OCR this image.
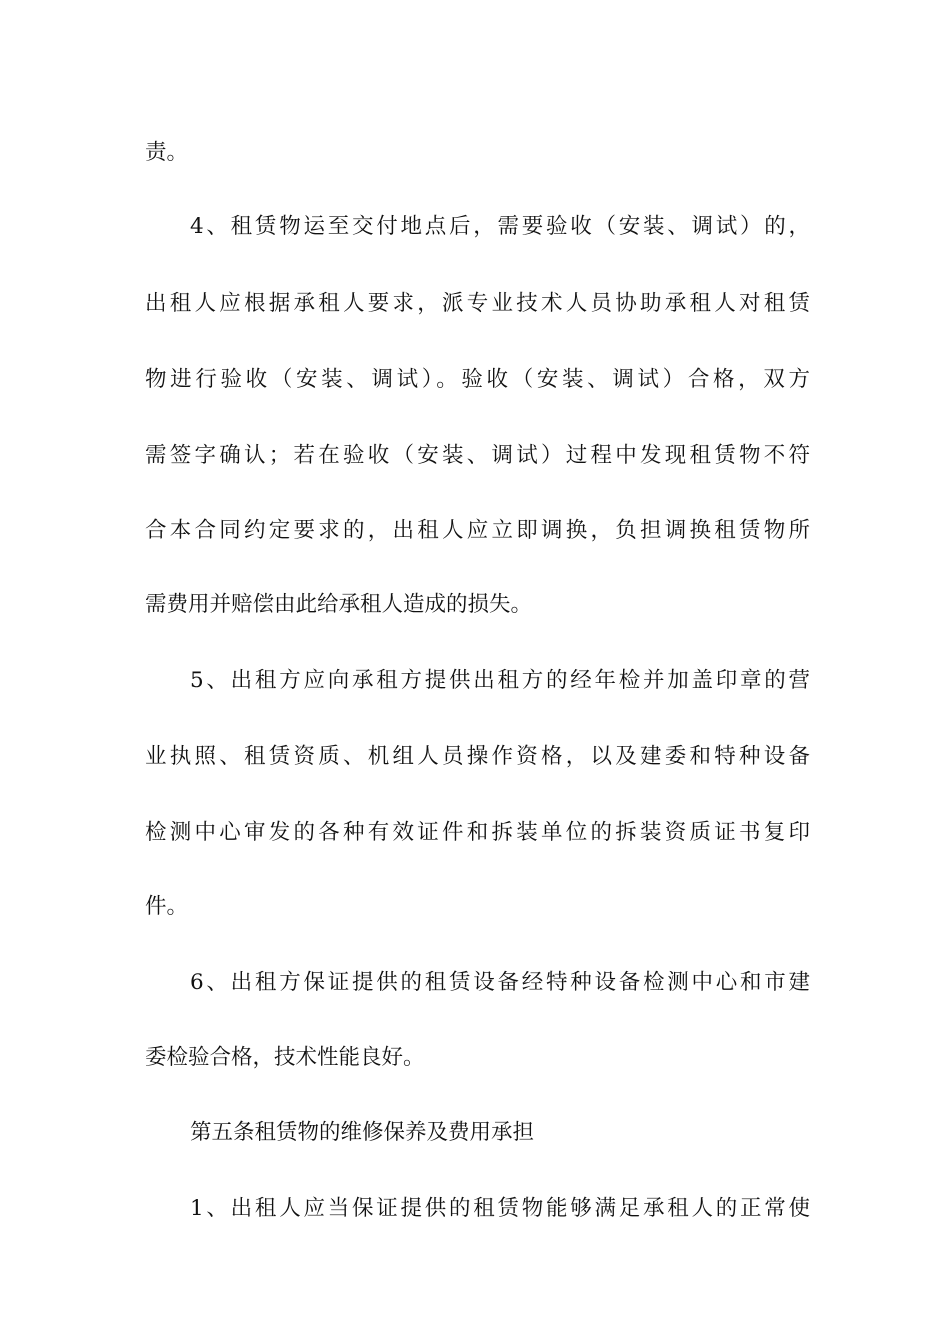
责。
4、租赁物运至交付地点后，需要验收（安装、调试）的，
出租人应根据承租人要求，派专业技术人员协助承租人对租赁
物进行验收（安装、调试）。验收（安装、调试）合格，双方
需签字确认；若在验收（安装、调试）过程中发现租赁物不符
合本合同约定要求的，出租人应立即调换，负担调换租赁物所
需费用并赔偿由此给承租人造成的损失。
5、出租方应向承租方提供出租方的经年检并加盖印章的营
业执照、租赁资质、机组人员操作资格，以及建委和特种设备
检测中心审发的各种有效证件和拆装单位的拆装资质证书复印
件。
6、出租方保证提供的租赁设备经特种设备检测中心和市建
委检验合格，技术性能良好。
第五条租赁物的维修保养及费用承担
1、出租人应当保证提供的租赁物能够满足承租人的正常使
